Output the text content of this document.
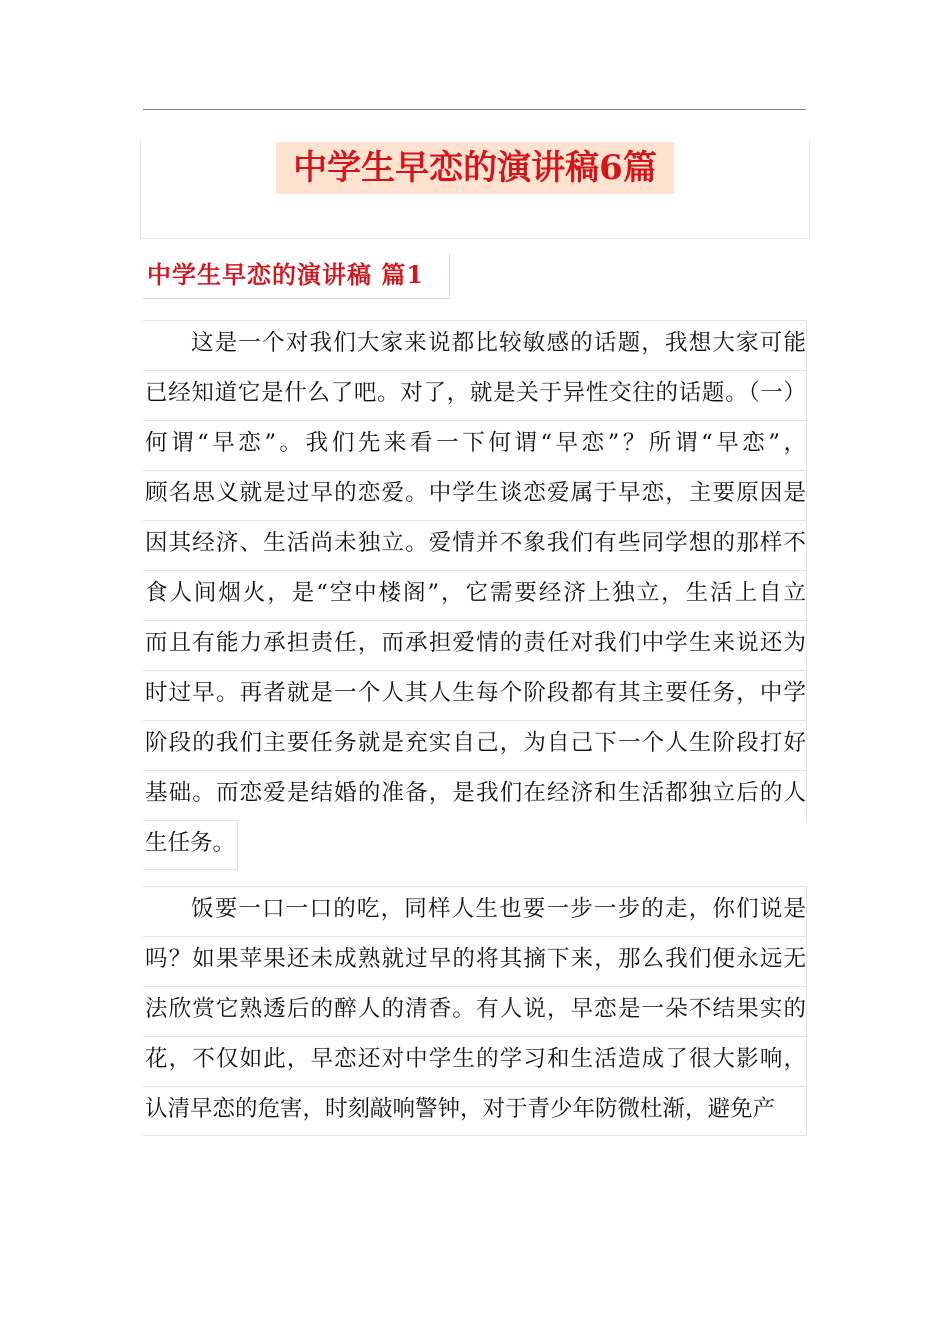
中学生早恋的演讲稿6篇
中学生早恋的演讲稿 篇1
这是一个对我们大家来说都比较敏感的话题，我想大家可能
已经知道它是什么了吧。对了，就是关于异性交往的话题。（一）
何谓“早恋”。我们先来看一下何谓“早恋”？所谓“早恋”，
顾名思义就是过早的恋爱。中学生谈恋爱属于早恋，主要原因是
因其经济、生活尚未独立。爱情并不象我们有些同学想的那样不
食人间烟火，是“空中楼阁”，它需要经济上独立，生活上自立
而且有能力承担责任，而承担爱情的责任对我们中学生来说还为
时过早。再者就是一个人其人生每个阶段都有其主要任务，中学
阶段的我们主要任务就是充实自己，为自己下一个人生阶段打好
基础。而恋爱是结婚的准备，是我们在经济和生活都独立后的人
生任务。
饭要一口一口的吃，同样人生也要一步一步的走，你们说是
吗？如果苹果还未成熟就过早的将其摘下来，那么我们便永远无
法欣赏它熟透后的醉人的清香。有人说，早恋是一朵不结果实的
花，不仅如此，早恋还对中学生的学习和生活造成了很大影响，
认清早恋的危害，时刻敲响警钟，对于青少年防微杜渐，避免产
